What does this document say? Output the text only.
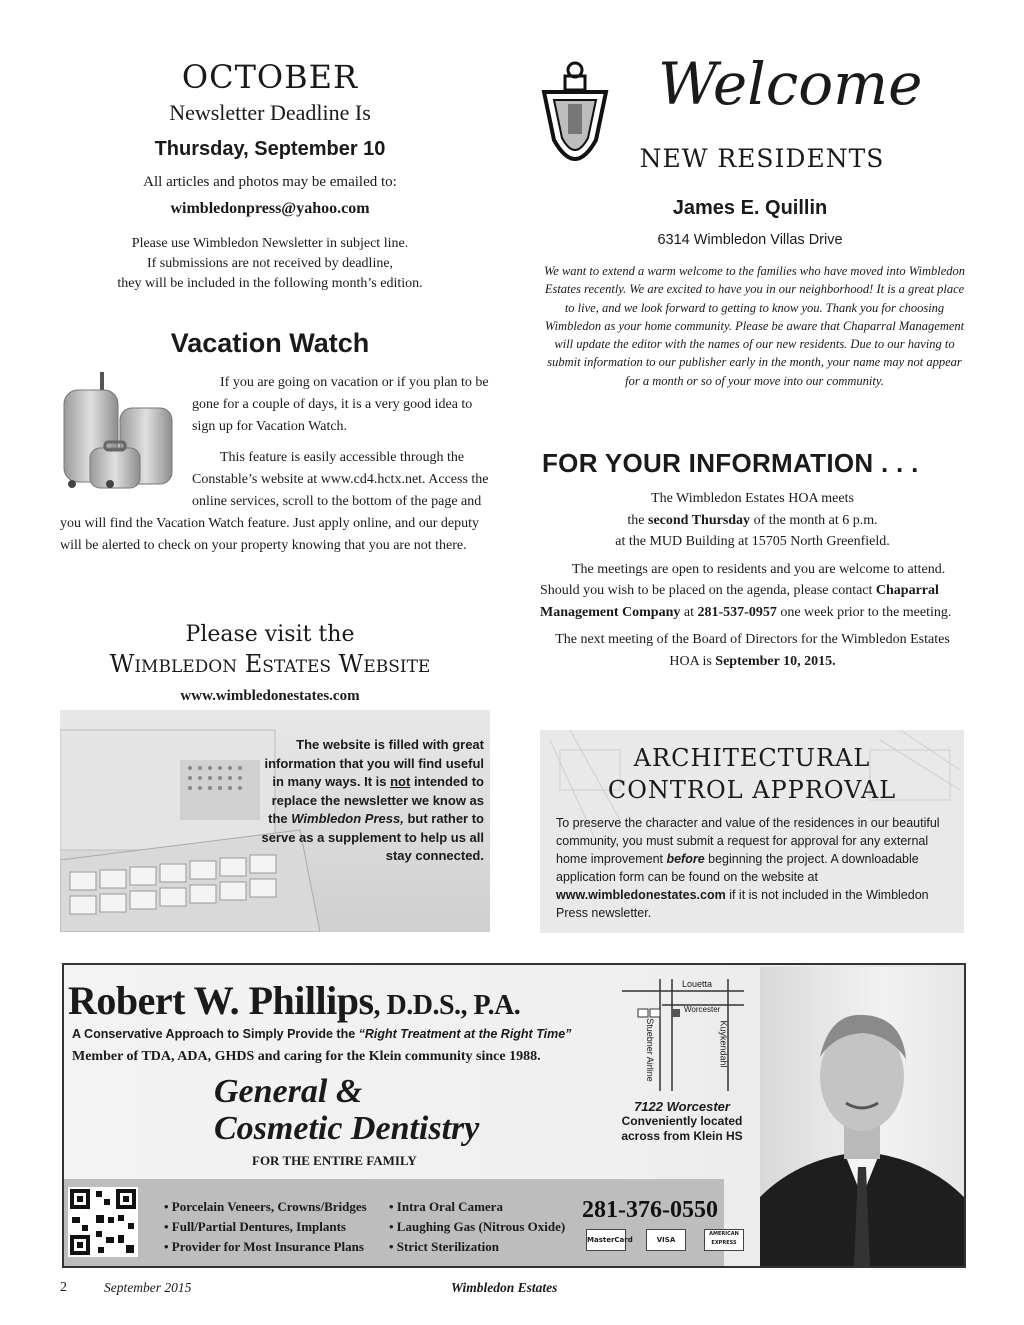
OCTOBER
Newsletter Deadline Is
Thursday, September 10
All articles and photos may be emailed to:
wimbledonpress@yahoo.com
Please use Wimbledon Newsletter in subject line.
If submissions are not received by deadline,
they will be included in the following month’s edition.
Vacation Watch

If you are going on vacation or if you plan to be gone for a couple of days, it is a very good idea to sign up for Vacation Watch.

This feature is easily accessible through the Constable’s website at www.cd4.hctx.net. Access the online services, scroll to the bottom of the page and you will find the Vacation Watch feature. Just apply online, and our deputy will be alerted to check on your property knowing that you are not there.

Please visit the
Wimbledon Estates Website
www.wimbledonestates.com
The website is filled with great information that you will find useful in many ways. It is not intended to replace the newsletter we know as the Wimbledon Press, but rather to serve as a supplement to help us all stay connected.
Welcome
NEW RESIDENTS
James E. Quillin
6314 Wimbledon Villas Drive
We want to extend a warm welcome to the families who have moved into Wimbledon Estates recently. We are excited to have you in our neighborhood! It is a great place to live, and we look forward to getting to know you. Thank you for choosing Wimbledon as your home community. Please be aware that Chaparral Management will update the editor with the names of our new residents. Due to our having to submit information to our publisher early in the month, your name may not appear for a month or so of your move into our community.
FOR YOUR INFORMATION . . .

The Wimbledon Estates HOA meets
the second Thursday of the month at 6 p.m.
at the MUD Building at 15705 North Greenfield.

The meetings are open to residents and you are welcome to attend. Should you wish to be placed on the agenda, please contact Chaparral Management Company at 281-537-0957 one week prior to the meeting.

The next meeting of the Board of Directors for the Wimbledon Estates HOA is September 10, 2015.

ARCHITECTURAL
CONTROL APPROVAL
To preserve the character and value of the residences in our beautiful community, you must submit a request for approval for any external home improvement before beginning the project. A downloadable application form can be found on the website at www.wimbledonestates.com if it is not included in the Wimbledon Press newsletter.
Robert W. Phillips, D.D.S., P.A.
A Conservative Approach to Simply Provide the “Right Treatment at the Right Time”
Member of TDA, ADA, GHDS and caring for the Klein community since 1988.
General &
Cosmetic Dentistry
FOR THE ENTIRE FAMILY
Louetta
Worcester
Stuebner Airline	Kuykendahl
7122 Worcester
Conveniently located
across from Klein HS
• Porcelain Veneers, Crowns/Bridges
• Full/Partial Dentures, Implants
• Provider for Most Insurance Plans
• Intra Oral Camera
• Laughing Gas (Nitrous Oxide)
• Strict Sterilization
281-376-0550
MasterCard	VISA
AMERICAN EXPRESS
2	September 2015	Wimbledon Estates
